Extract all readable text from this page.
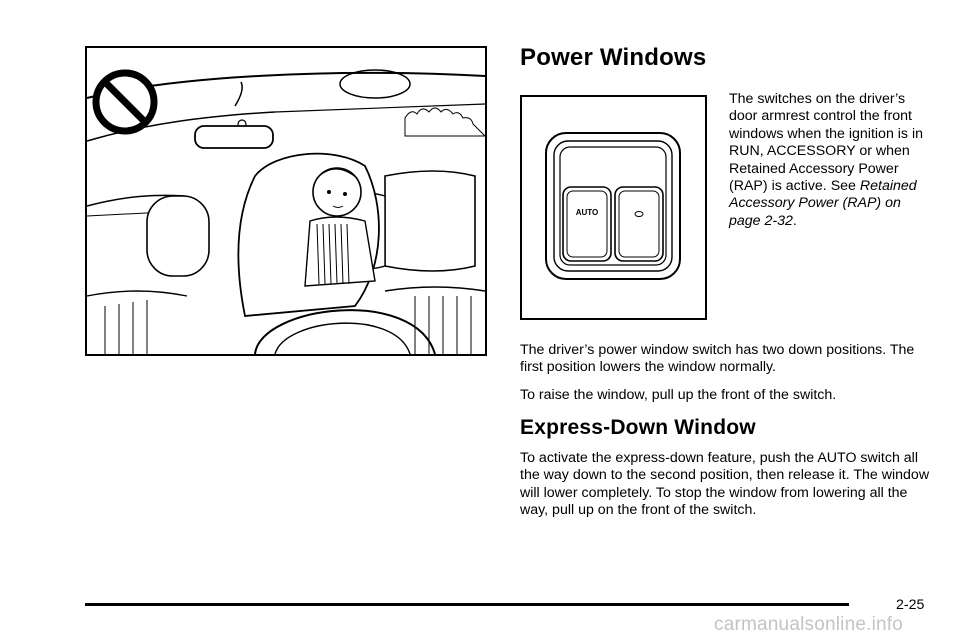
Power Windows
AUTO

The switches on the driver’s door armrest control the front windows when the ignition is in RUN, ACCESSORY or when Retained Accessory Power (RAP) is active. See Retained Accessory Power (RAP) on page 2-32.

The driver’s power window switch has two down positions. The first position lowers the window normally.

To raise the window, pull up the front of the switch.

Express-Down Window

To activate the express-down feature, push the AUTO switch all the way down to the second position, then release it. The window will lower completely. To stop the window from lowering all the way, pull up on the front of the switch.

2-25
carmanualsonline.info
